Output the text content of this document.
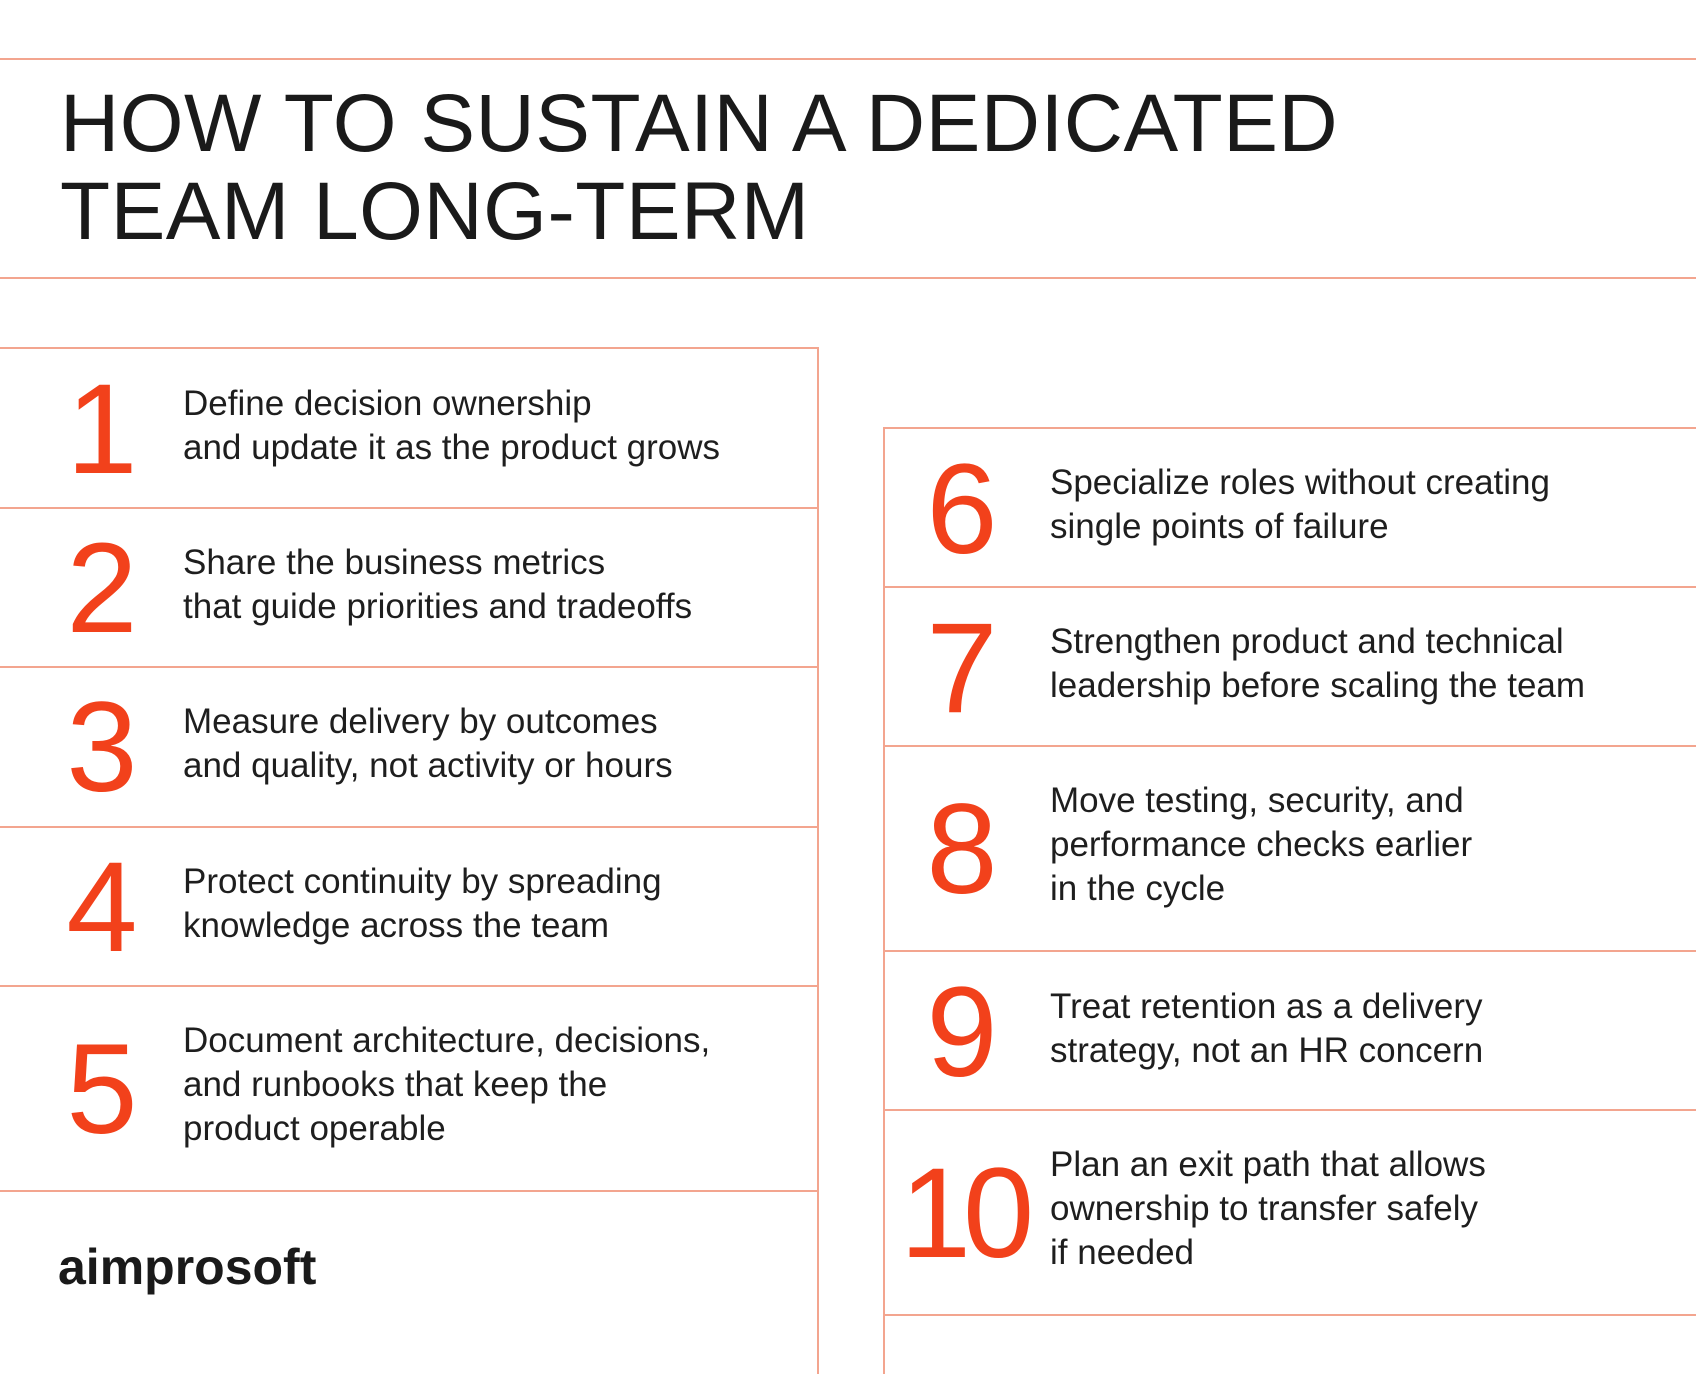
HOW TO SUSTAIN A DEDICATED
TEAM LONG-TERM
1	Define decision ownership
and update it as the product grows
2	Share the business metrics
that guide priorities and tradeoffs
3	Measure delivery by outcomes
and quality, not activity or hours
4	Protect continuity by spreading
knowledge across the team
5	Document architecture, decisions,
and runbooks that keep the
product operable
6	Specialize roles without creating
single points of failure
7	Strengthen product and technical
leadership before scaling the team
8	Move testing, security, and
performance checks earlier
in the cycle
9	Treat retention as a delivery
strategy, not an HR concern
10 Plan an exit path that allows
ownership to transfer safely
if needed
aimprosoft
